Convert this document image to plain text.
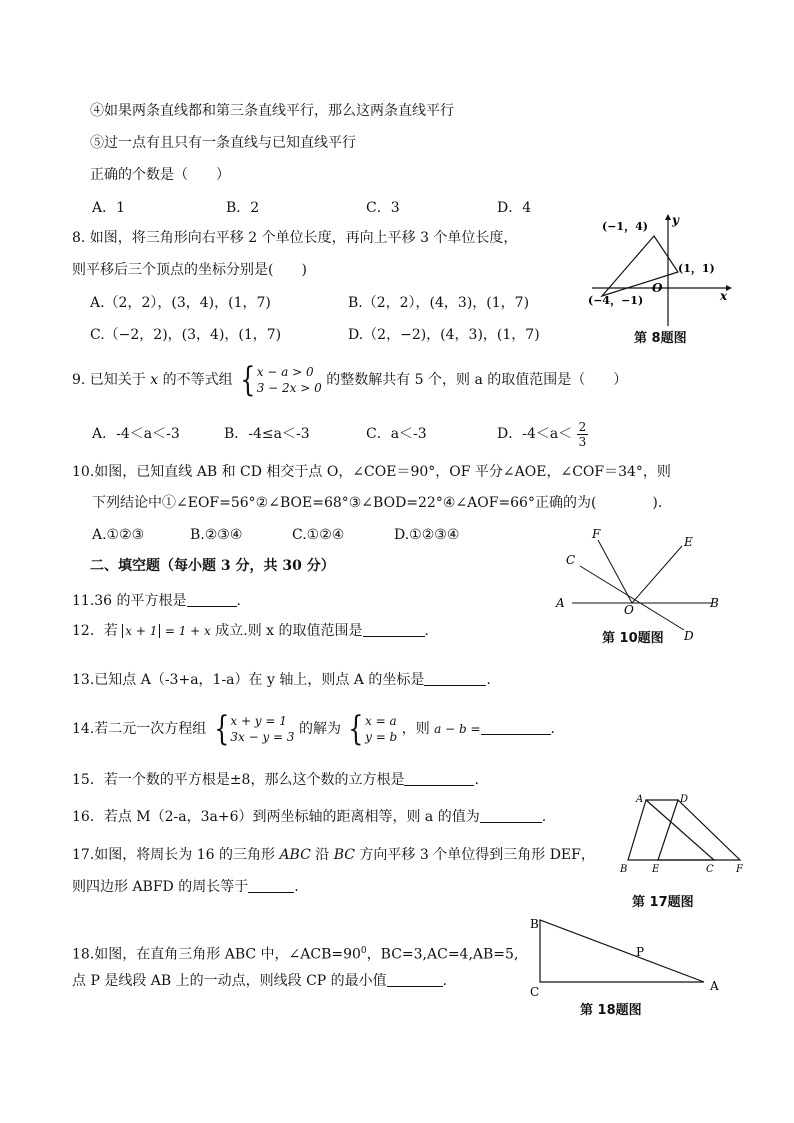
④如果两条直线都和第三条直线平行，那么这两条直线平行
⑤过一点有且只有一条直线与已知直线平行
正确的个数是（　　）
A．1	B．2	C．3	D．4
8. 如图，将三角形向右平移 2 个单位长度，再向上平移 3 个单位长度，
则平移后三个顶点的坐标分别是(　　)
A.（2，2），(3，4)，(1，7)	B.（2，2），(4，3)，(1，7)
C.（−2，2)，(3，4)，(1，7)	D.（2，−2)，(4，3)，(1，7)
(−1，4) y
(1，1)
O
x
(−4，−1)
第 8题图
9. 已知关于 x 的不等式组 { x − a > 0
3 − 2x > 0 的整数解共有 5 个，则 a 的取值范围是（　　）
A．-4＜a＜-3	B．-4≤a＜-3	C．a＜-3	D．$-4<a< \frac{2}{3}$
10.如图，已知直线 AB 和 CD 相交于点 O，∠COE＝90°，OF 平分∠AOE，∠COF＝34°，则
下列结论中①∠EOF=56°②∠BOE=68°③∠BOD=22°④∠AOF=66°正确的为(　　　　).
A.①②③	B.②③④	C.①②④	D.①②③④	F
E
C
A	O	B
D
第 10题图
二、填空题（每小题 3 分，共 30 分）
11.36 的平方根是	.
12．若 x + 1 = 1 + x 成立.则 x 的取值范围是	.
13.已知点 A（-3+a，1-a）在 y 轴上，则点 A 的坐标是	.
14.若二元一次方程组 { x + y = 1
3x − y = 3 的解为 { x = a
y = b ，则 a − b =	.
15．若一个数的平方根是±8，那么这个数的立方根是	.
16．若点 M（2-a，3a+6）到两坐标轴的距离相等，则 a 的值为	.
17.如图，将周长为 16 的三角形 ABC 沿 BC 方向平移 3 个单位得到三角形 DEF，
则四边形 ABFD 的周长等于	.
A	D
B E	C F
第 17题图
18.如图，在直角三角形 ABC 中，$\angle ACB=90^0$，BC=3,AC=4,AB=5,
点 P 是线段 AB 上的一动点，则线段 CP 的最小值	.
B
P
C	A
第 18题图
